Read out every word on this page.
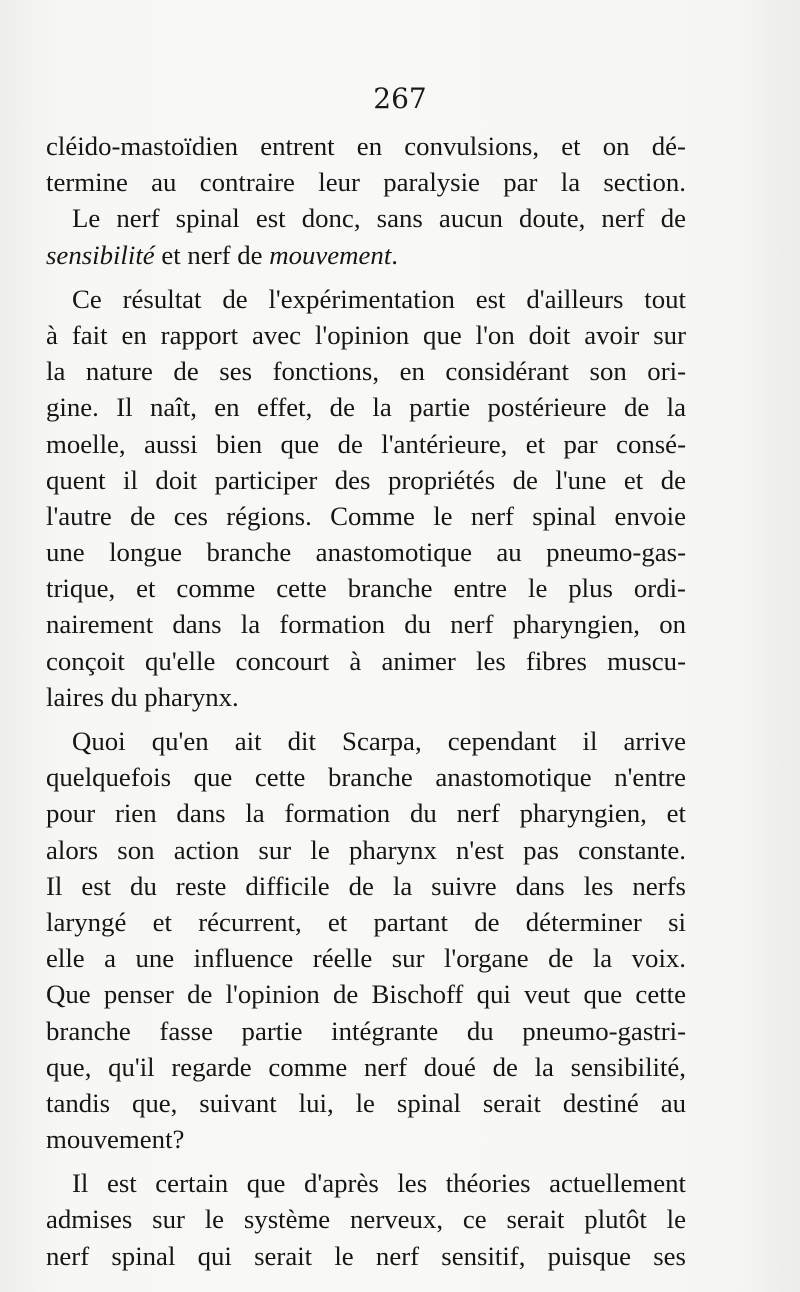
267
cléido-mastoïdien entrent en convulsions, et on dé-
termine au contraire leur paralysie par la section.
Le nerf spinal est donc, sans aucun doute, nerf de
sensibilité et nerf de mouvement.
Ce résultat de l'expérimentation est d'ailleurs tout
à fait en rapport avec l'opinion que l'on doit avoir sur
la nature de ses fonctions, en considérant son ori-
gine. Il naît, en effet, de la partie postérieure de la
moelle, aussi bien que de l'antérieure, et par consé-
quent il doit participer des propriétés de l'une et de
l'autre de ces régions. Comme le nerf spinal envoie
une longue branche anastomotique au pneumo-gas-
trique, et comme cette branche entre le plus ordi-
nairement dans la formation du nerf pharyngien, on
conçoit qu'elle concourt à animer les fibres muscu-
laires du pharynx.
Quoi qu'en ait dit Scarpa, cependant il arrive
quelquefois que cette branche anastomotique n'entre
pour rien dans la formation du nerf pharyngien, et
alors son action sur le pharynx n'est pas constante.
Il est du reste difficile de la suivre dans les nerfs
laryngé et récurrent, et partant de déterminer si
elle a une influence réelle sur l'organe de la voix.
Que penser de l'opinion de Bischoff qui veut que cette
branche fasse partie intégrante du pneumo-gastri-
que, qu'il regarde comme nerf doué de la sensibilité,
tandis que, suivant lui, le spinal serait destiné au
mouvement?
Il est certain que d'après les théories actuellement
admises sur le système nerveux, ce serait plutôt le
nerf spinal qui serait le nerf sensitif, puisque ses
